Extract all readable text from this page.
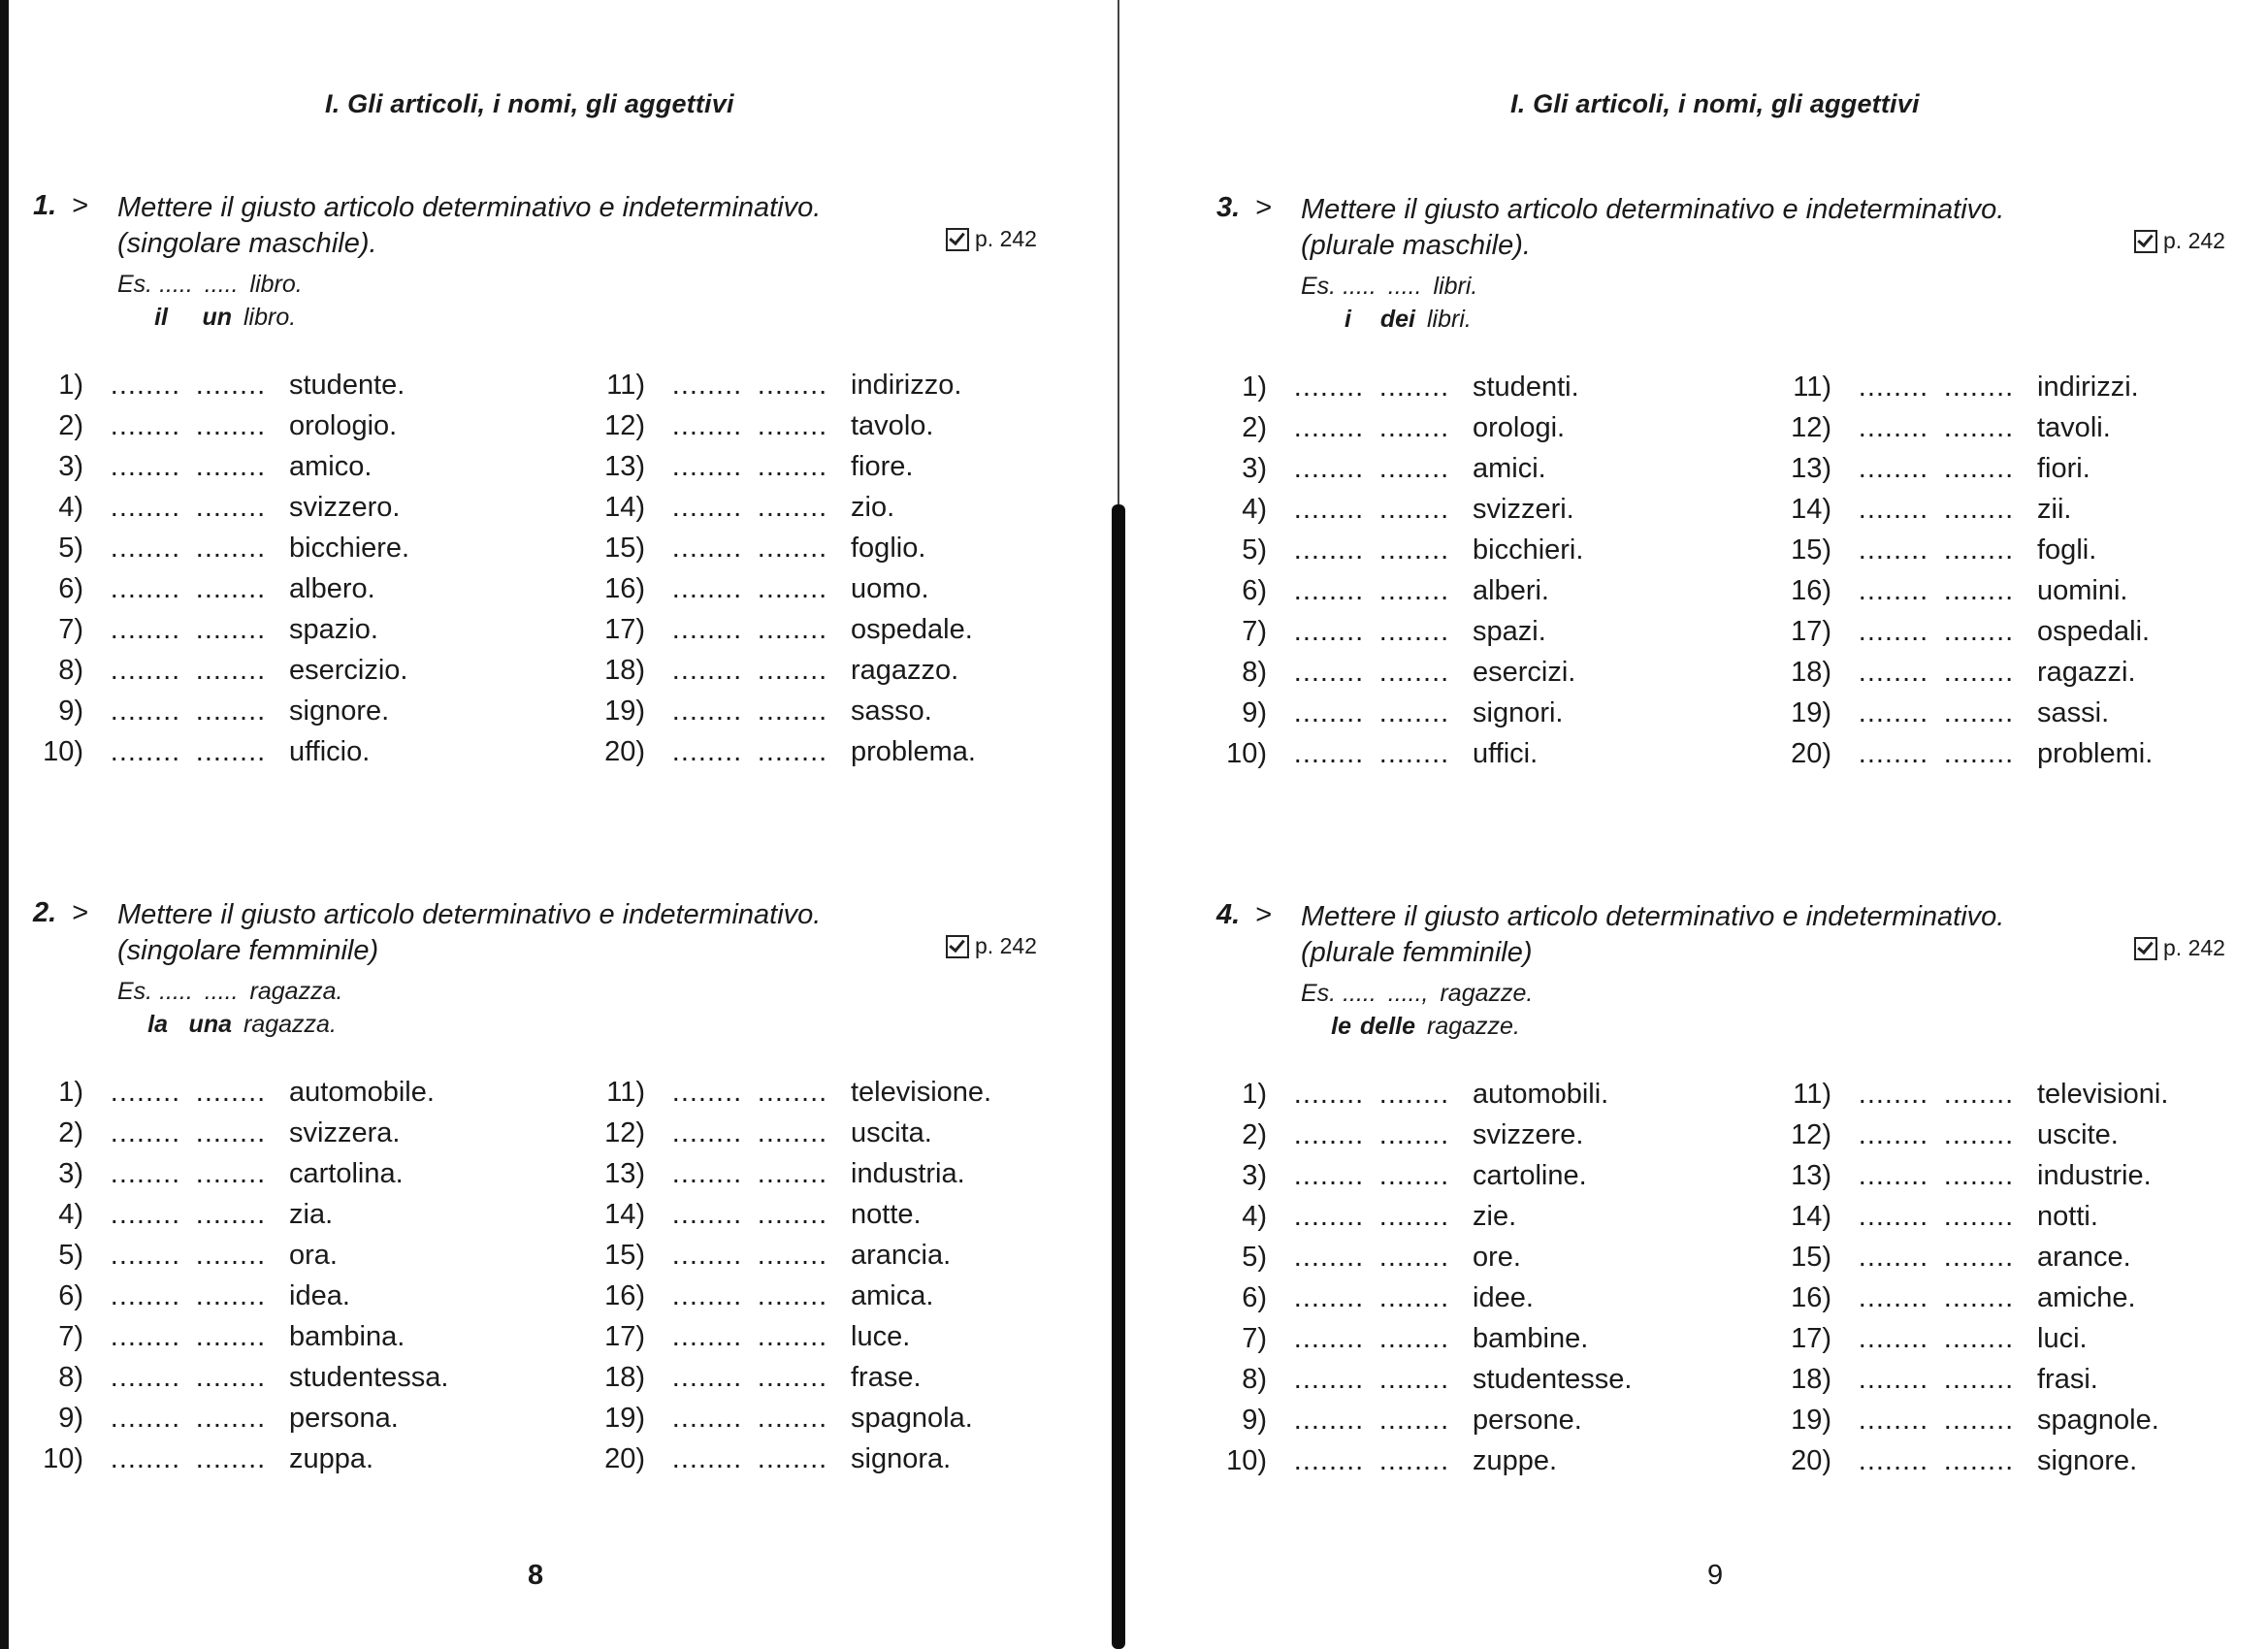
I. Gli articoli, i nomi, gli aggettivi
1. > Mettere il giusto articolo determinativo e indeterminativo.
(singolare maschile).	p. 242
Es. ..... ..... libro.
il	un libro.
1) ........ ........ studente.
2) ........ ........ orologio.
3) ........ ........ amico.
4) ........ ........ svizzero.
5) ........ ........ bicchiere.
6) ........ ........ albero.
7) ........ ........ spazio.
8) ........ ........ esercizio.
9) ........ ........ signore.
10) ........ ........ ufficio.
11) ........ ........ indirizzo.
12) ........ ........ tavolo.
13) ........ ........ fiore.
14) ........ ........ zio.
15) ........ ........ foglio.
16) ........ ........ uomo.
17) ........ ........ ospedale.
18) ........ ........ ragazzo.
19) ........ ........ sasso.
20) ........ ........ problema.
2. > Mettere il giusto articolo determinativo e indeterminativo.
(singolare femminile)	p. 242
Es. ..... ..... ragazza.
la una ragazza.
1) ........ ........ automobile.
2) ........ ........ svizzera.
3) ........ ........ cartolina.
4) ........ ........ zia.
5) ........ ........ ora.
6) ........ ........ idea.
7) ........ ........ bambina.
8) ........ ........ studentessa.
9) ........ ........ persona.
10) ........ ........ zuppa.
11) ........ ........ televisione.
12) ........ ........ uscita.
13) ........ ........ industria.
14) ........ ........ notte.
15) ........ ........ arancia.
16) ........ ........ amica.
17) ........ ........ luce.
18) ........ ........ frase.
19) ........ ........ spagnola.
20) ........ ........ signora.
8
I. Gli articoli, i nomi, gli aggettivi
3. > Mettere il giusto articolo determinativo e indeterminativo.
(plurale maschile).	p. 242
Es. ..... ..... libri.
i	dei libri.
1) ........ ........ studenti.
2) ........ ........ orologi.
3) ........ ........ amici.
4) ........ ........ svizzeri.
5) ........ ........ bicchieri.
6) ........ ........ alberi.
7) ........ ........ spazi.
8) ........ ........ esercizi.
9) ........ ........ signori.
10) ........ ........ uffici.
11) ........ ........ indirizzi.
12) ........ ........ tavoli.
13) ........ ........ fiori.
14) ........ ........ zii.
15) ........ ........ fogli.
16) ........ ........ uomini.
17) ........ ........ ospedali.
18) ........ ........ ragazzi.
19) ........ ........ sassi.
20) ........ ........ problemi.
4. > Mettere il giusto articolo determinativo e indeterminativo.
(plurale femminile)	p. 242
Es. ..... ....., ragazze.
le delle ragazze.
1) ........ ........ automobili.
2) ........ ........ svizzere.
3) ........ ........ cartoline.
4) ........ ........ zie.
5) ........ ........ ore.
6) ........ ........ idee.
7) ........ ........ bambine.
8) ........ ........ studentesse.
9) ........ ........ persone.
10) ........ ........ zuppe.
11) ........ ........ televisioni.
12) ........ ........ uscite.
13) ........ ........ industrie.
14) ........ ........ notti.
15) ........ ........ arance.
16) ........ ........ amiche.
17) ........ ........ luci.
18) ........ ........ frasi.
19) ........ ........ spagnole.
20) ........ ........ signore.
9
